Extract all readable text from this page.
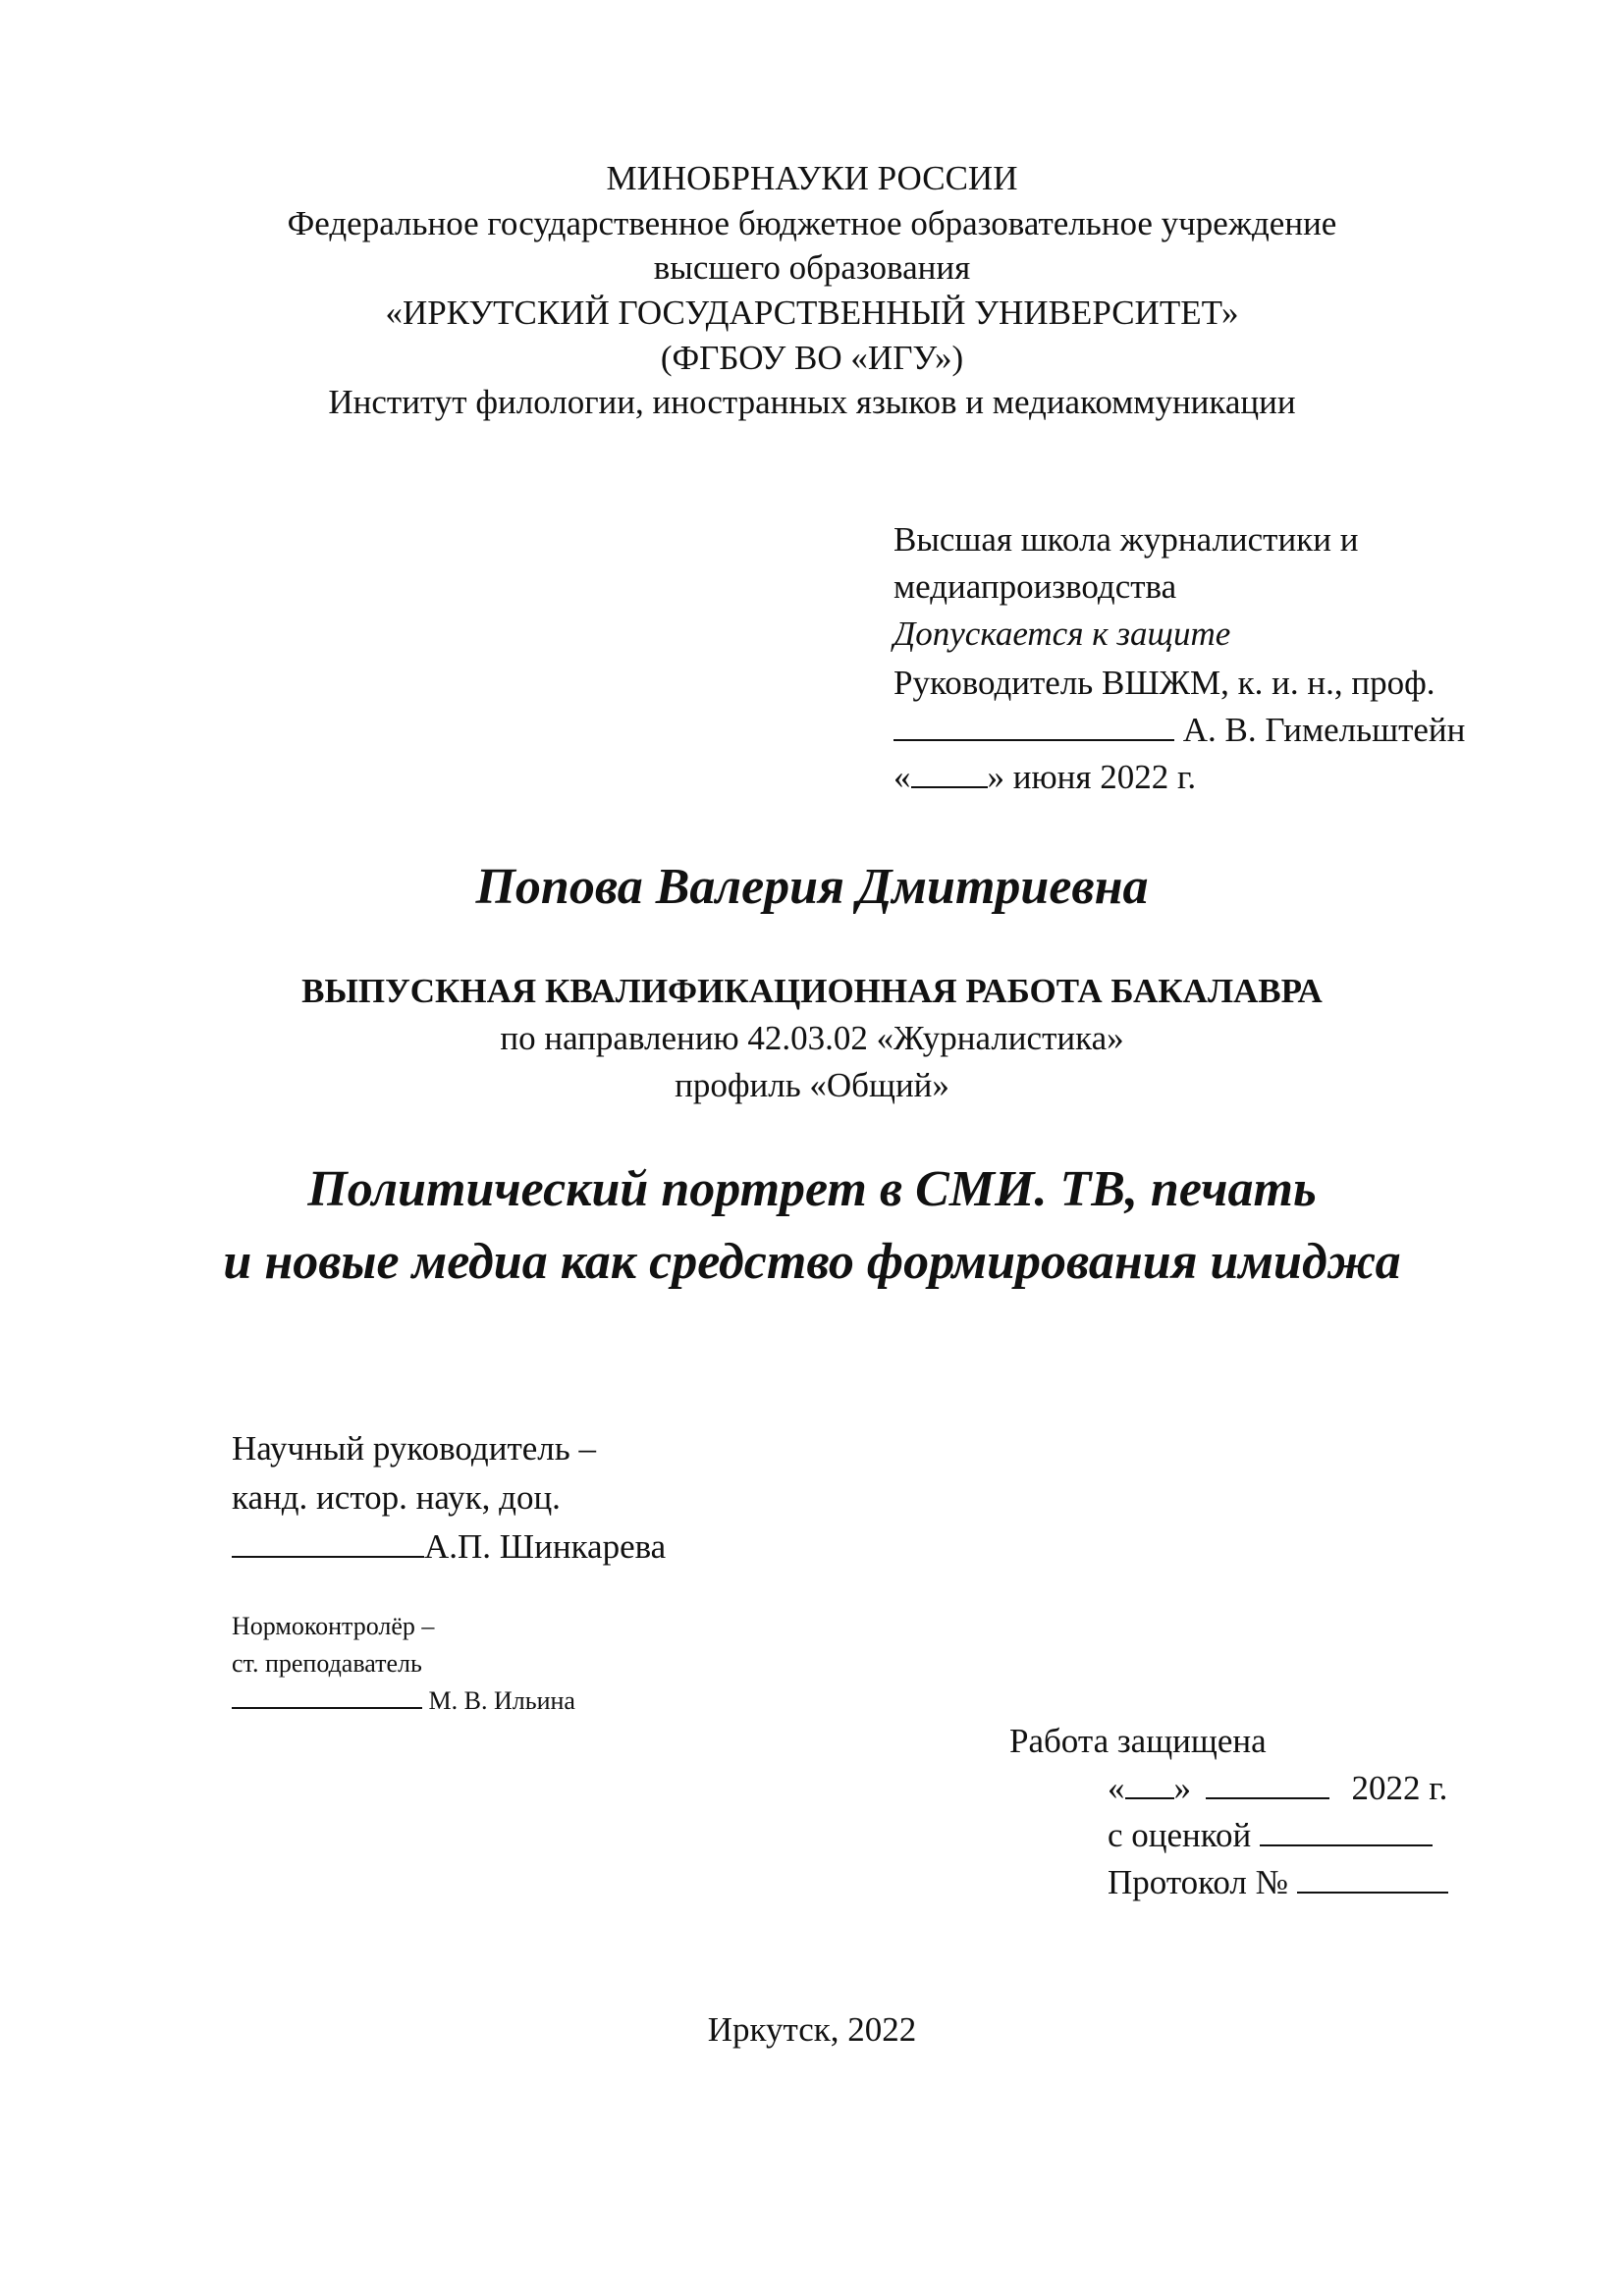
МИНОБРНАУКИ РОССИИ
Федеральное государственное бюджетное образовательное учреждение
высшего образования
«ИРКУТСКИЙ ГОСУДАРСТВЕННЫЙ УНИВЕРСИТЕТ»
(ФГБОУ ВО «ИГУ»)
Институт филологии, иностранных языков и медиакоммуникации
Высшая школа журналистики и
медиапроизводства
Допускается к защите
Руководитель ВШЖМ, к. и. н., проф.
А. В. Гимельштейн
« » июня 2022 г.
Попова Валерия Дмитриевна
ВЫПУСКНАЯ КВАЛИФИКАЦИОННАЯ РАБОТА БАКАЛАВРА
по направлению 42.03.02 «Журналистика»
профиль «Общий»
Политический портрет в СМИ. ТВ, печать
и новые медиа как средство формирования имиджа
Научный руководитель –
канд. истор. наук, доц.
А.П. Шинкарева
Нормоконтролёр –
ст. преподаватель
М. В. Ильина
Работа защищена
« »	2022 г.
с оценкой
Протокол №
Иркутск, 2022
